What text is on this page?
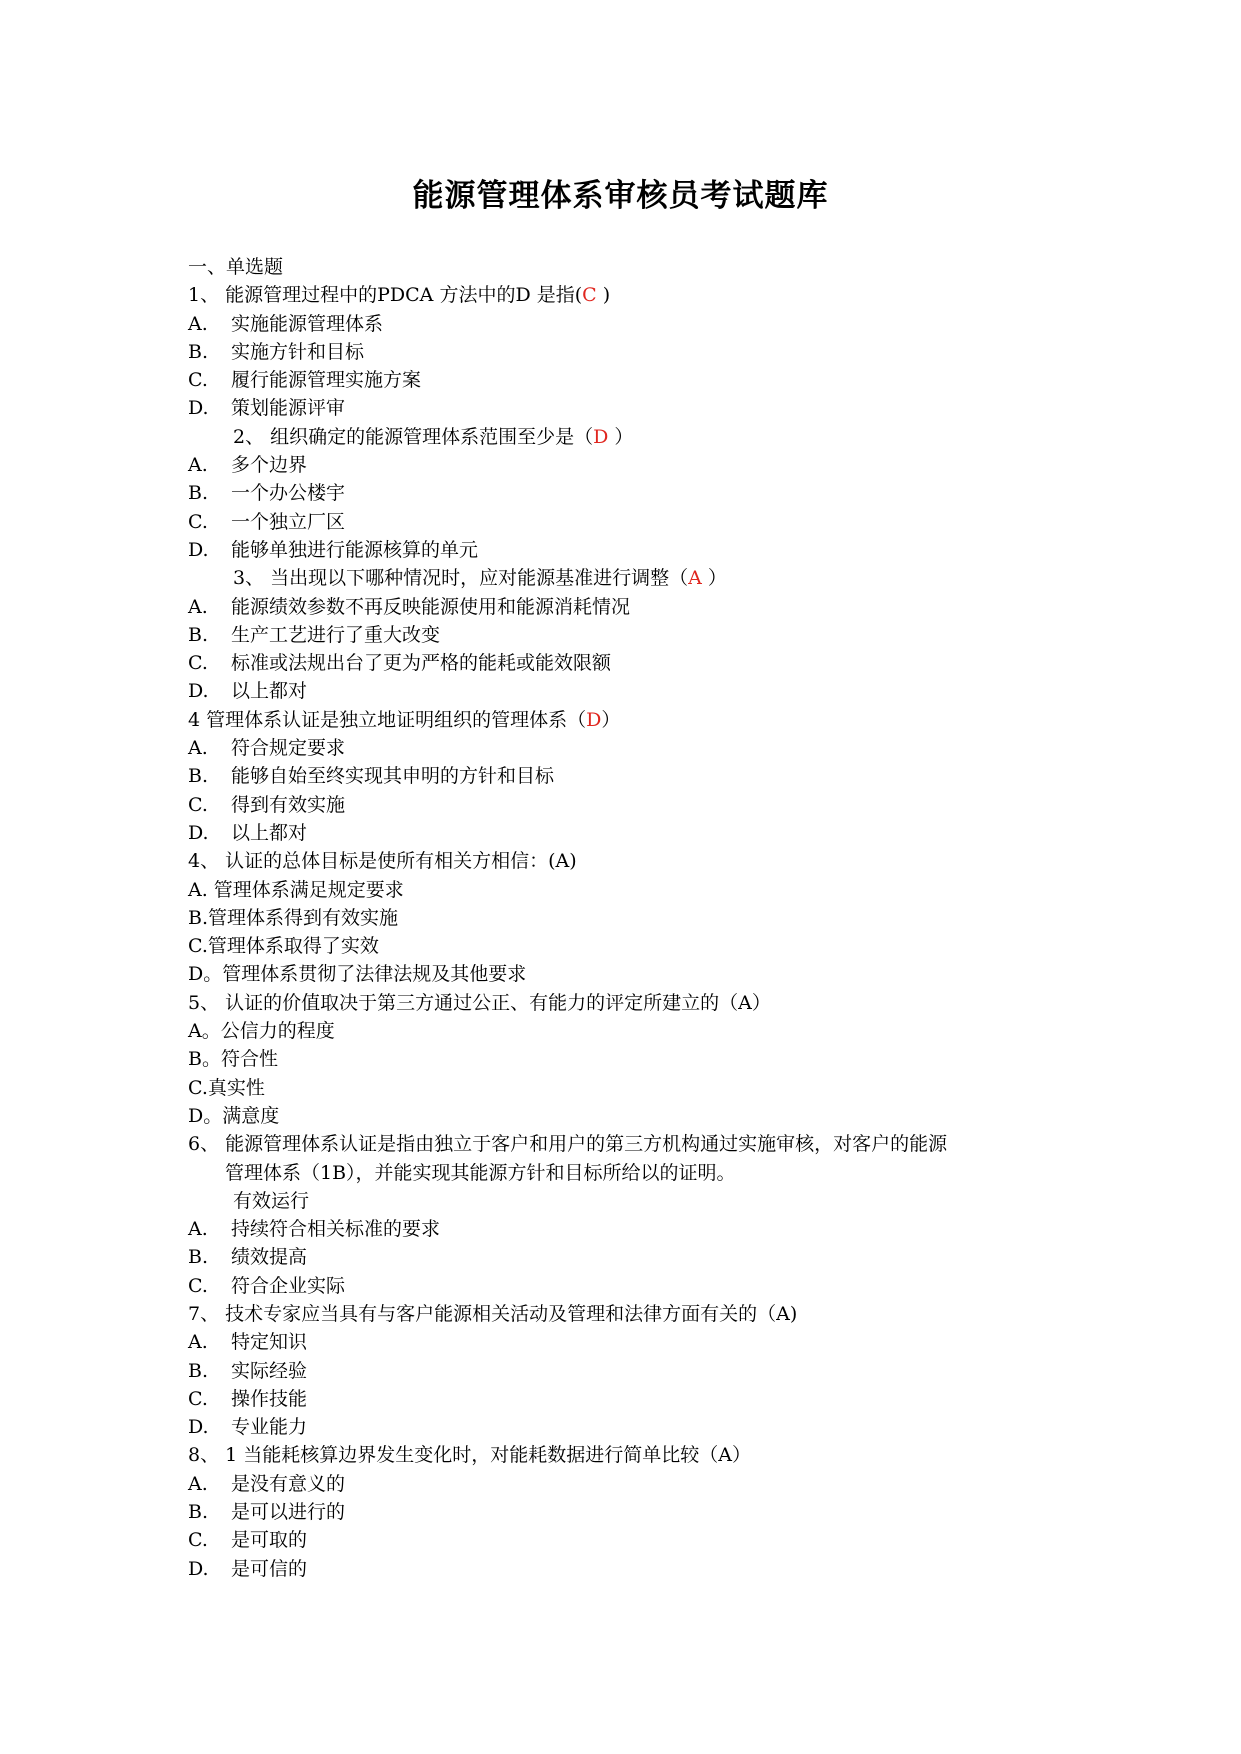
能源管理体系审核员考试题库
一、单选题
1、 能源管理过程中的PDCA 方法中的D 是指(C )
A. 实施能源管理体系
B. 实施方针和目标
C. 履行能源管理实施方案
D. 策划能源评审
2、 组织确定的能源管理体系范围至少是（D ）
A. 多个边界
B. 一个办公楼宇
C. 一个独立厂区
D. 能够单独进行能源核算的单元
3、 当出现以下哪种情况时，应对能源基准进行调整（A ）
A. 能源绩效参数不再反映能源使用和能源消耗情况
B. 生产工艺进行了重大改变
C. 标准或法规出台了更为严格的能耗或能效限额
D. 以上都对
4 管理体系认证是独立地证明组织的管理体系（D）
A. 符合规定要求
B. 能够自始至终实现其申明的方针和目标
C. 得到有效实施
D. 以上都对
4、 认证的总体目标是使所有相关方相信：(A)
A. 管理体系满足规定要求
B.管理体系得到有效实施
C.管理体系取得了实效
D。管理体系贯彻了法律法规及其他要求
5、 认证的价值取决于第三方通过公正、有能力的评定所建立的（A）
A。公信力的程度
B。符合性
C.真实性
D。满意度
6、 能源管理体系认证是指由独立于客户和用户的第三方机构通过实施审核，对客户的能源
管理体系（1B），并能实现其能源方针和目标所给以的证明。
有效运行
A. 持续符合相关标准的要求
B. 绩效提高
C. 符合企业实际
7、 技术专家应当具有与客户能源相关活动及管理和法律方面有关的（A)
A. 特定知识
B. 实际经验
C. 操作技能
D. 专业能力
8、 1 当能耗核算边界发生变化时，对能耗数据进行简单比较（A）
A. 是没有意义的
B. 是可以进行的
C. 是可取的
D. 是可信的
